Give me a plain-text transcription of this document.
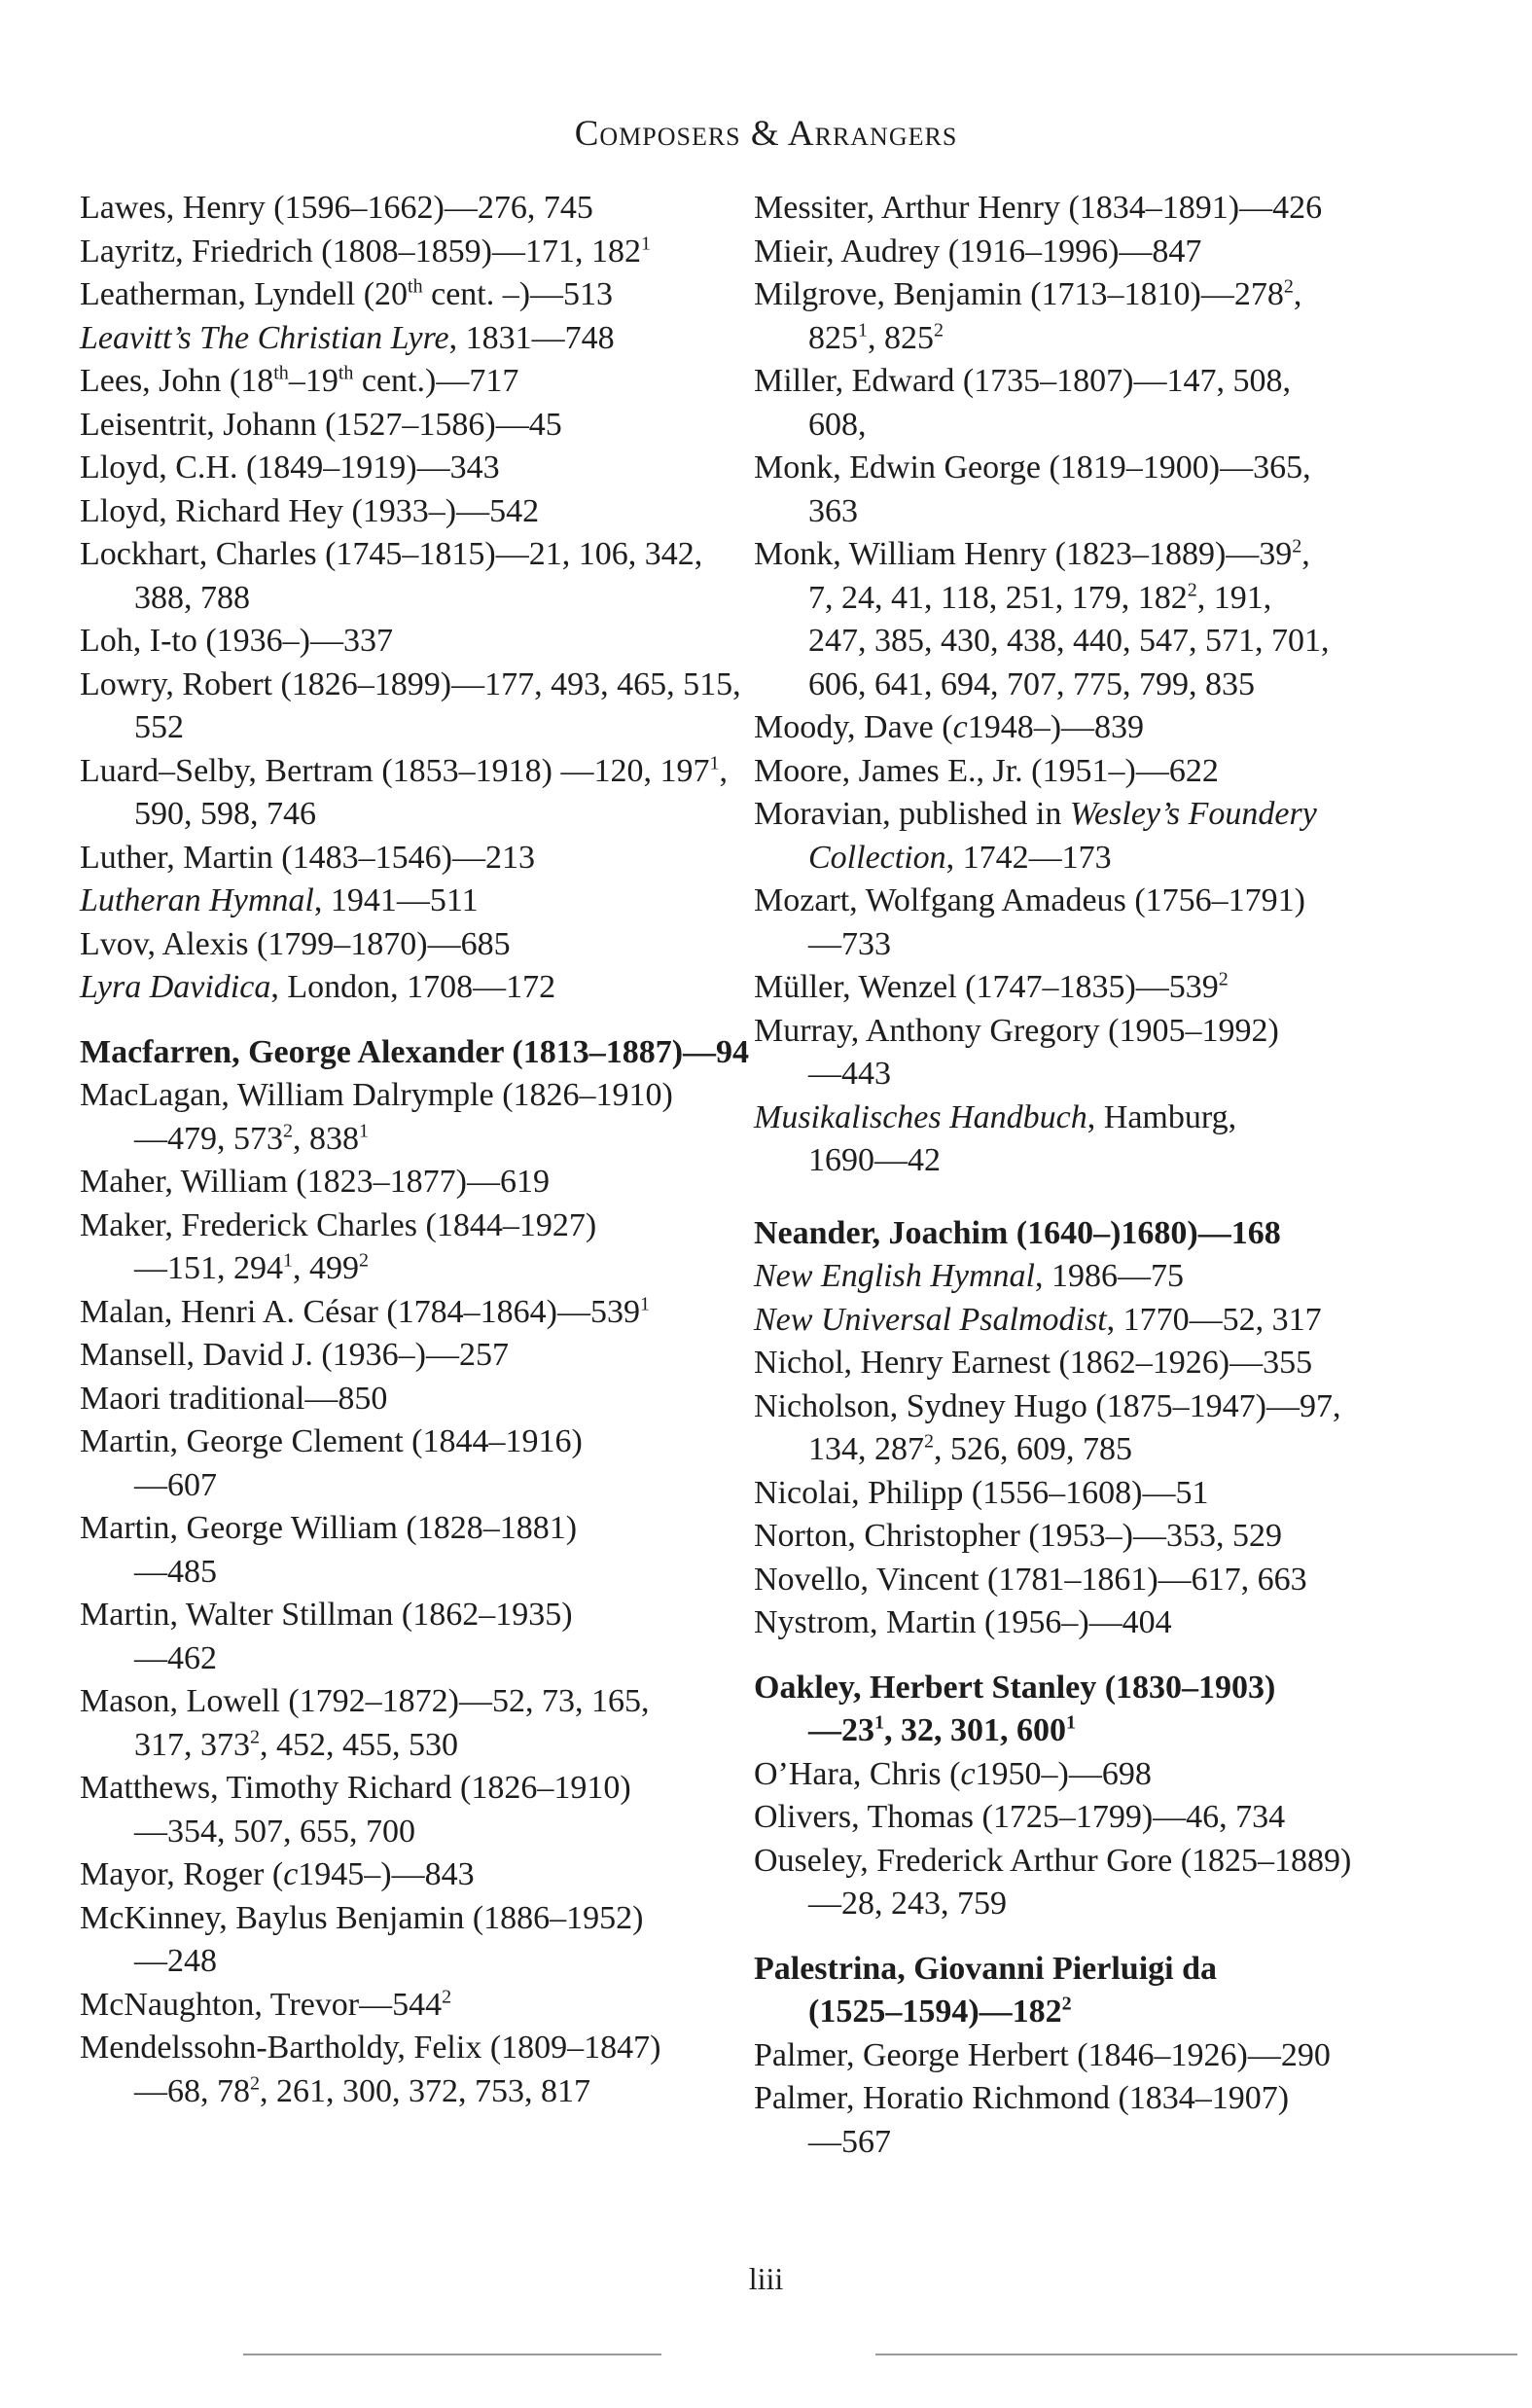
Composers & Arrangers
Lawes, Henry (1596–1662)—276, 745
Layritz, Friedrich (1808–1859)—171, $182^1$
Leatherman, Lyndell (20th cent. –)—513
Leavitt’s The Christian Lyre, 1831—748
Lees, John (18th–19th cent.)—717
Leisentrit, Johann (1527–1586)—45
Lloyd, C.H. (1849–1919)—343
Lloyd, Richard Hey (1933–)—542
Lockhart, Charles (1745–1815)—21, 106, 342, 388, 788
Loh, I-to (1936–)—337
Lowry, Robert (1826–1899)—177, 493, 465, 515, 552
Luard–Selby, Bertram (1853–1918) —120, $197^1$, 590, 598, 746
Luther, Martin (1483–1546)—213
Lutheran Hymnal, 1941—511
Lvov, Alexis (1799–1870)—685
Lyra Davidica, London, 1708—172
Macfarren, George Alexander (1813–1887)—94
MacLagan, William Dalrymple (1826–1910)
—479, $573^2$, $838^1$
Maher, William (1823–1877)—619
Maker, Frederick Charles (1844–1927)
—151, $294^1$, $499^2$
Malan, Henri A. César $(1784-1864)—539^1$
Mansell, David J. (1936–)—257
Maori traditional—850
Martin, George Clement (1844–1916)
—607
Martin, George William (1828–1881)
—485
Martin, Walter Stillman (1862–1935)
—462
Mason, Lowell (1792–1872)—52, 73, 165,
317, $373^2$, 452, 455, 530
Matthews, Timothy Richard (1826–1910)
—354, 507, 655, 700
Mayor, Roger (c1945–)—843
McKinney, Baylus Benjamin (1886–1952)
—248
McNaughton, $Trevor—544^2$
Mendelssohn-Bartholdy, Felix (1809–1847)
—68, $78^2$, 261, 300, 372, 753, 817
Messiter, Arthur Henry (1834–1891)—426
Mieir, Audrey (1916–1996)—847
Milgrove, Benjamin $(1713-1810)—278^2$,
$825^1$, $825^2$
Miller, Edward (1735–1807)—147, 508,
608,
Monk, Edwin George (1819–1900)—365,
363
Monk, William Henry $(1823-1889)—39^2$,
7, 24, 41, 118, 251, 179, $182^2$, 191,
247, 385, 430, 438, 440, 547, 571, 701,
606, 641, 694, 707, 775, 799, 835
Moody, Dave (c1948–)—839
Moore, James E., Jr. (1951–)—622
Moravian, published in Wesley’s Foundery
Collection, 1742—173
Mozart, Wolfgang Amadeus (1756–1791)
—733
Müller, Wenzel $(1747-1835)—539^2$
Murray, Anthony Gregory (1905–1992)
—443
Musikalisches Handbuch, Hamburg,
1690—42
Neander, Joachim (1640–)1680)—168
New English Hymnal, 1986—75
New Universal Psalmodist, 1770—52, 317
Nichol, Henry Earnest (1862–1926)—355
Nicholson, Sydney Hugo (1875–1947)—97,
134, $287^2$, 526, 609, 785
Nicolai, Philipp (1556–1608)—51
Norton, Christopher (1953–)—353, 529
Novello, Vincent (1781–1861)—617, 663
Nystrom, Martin (1956–)—404
Oakley, Herbert Stanley (1830–1903)
$—23^1$, 32, 301, $600^1$
O’Hara, Chris (c1950–)—698
Olivers, Thomas (1725–1799)—46, 734
Ouseley, Frederick Arthur Gore (1825–1889)
—28, 243, 759
Palestrina, Giovanni Pierluigi da
$(1525-1594)—182^2$
Palmer, George Herbert (1846–1926)—290
Palmer, Horatio Richmond (1834–1907)
—567
liii
